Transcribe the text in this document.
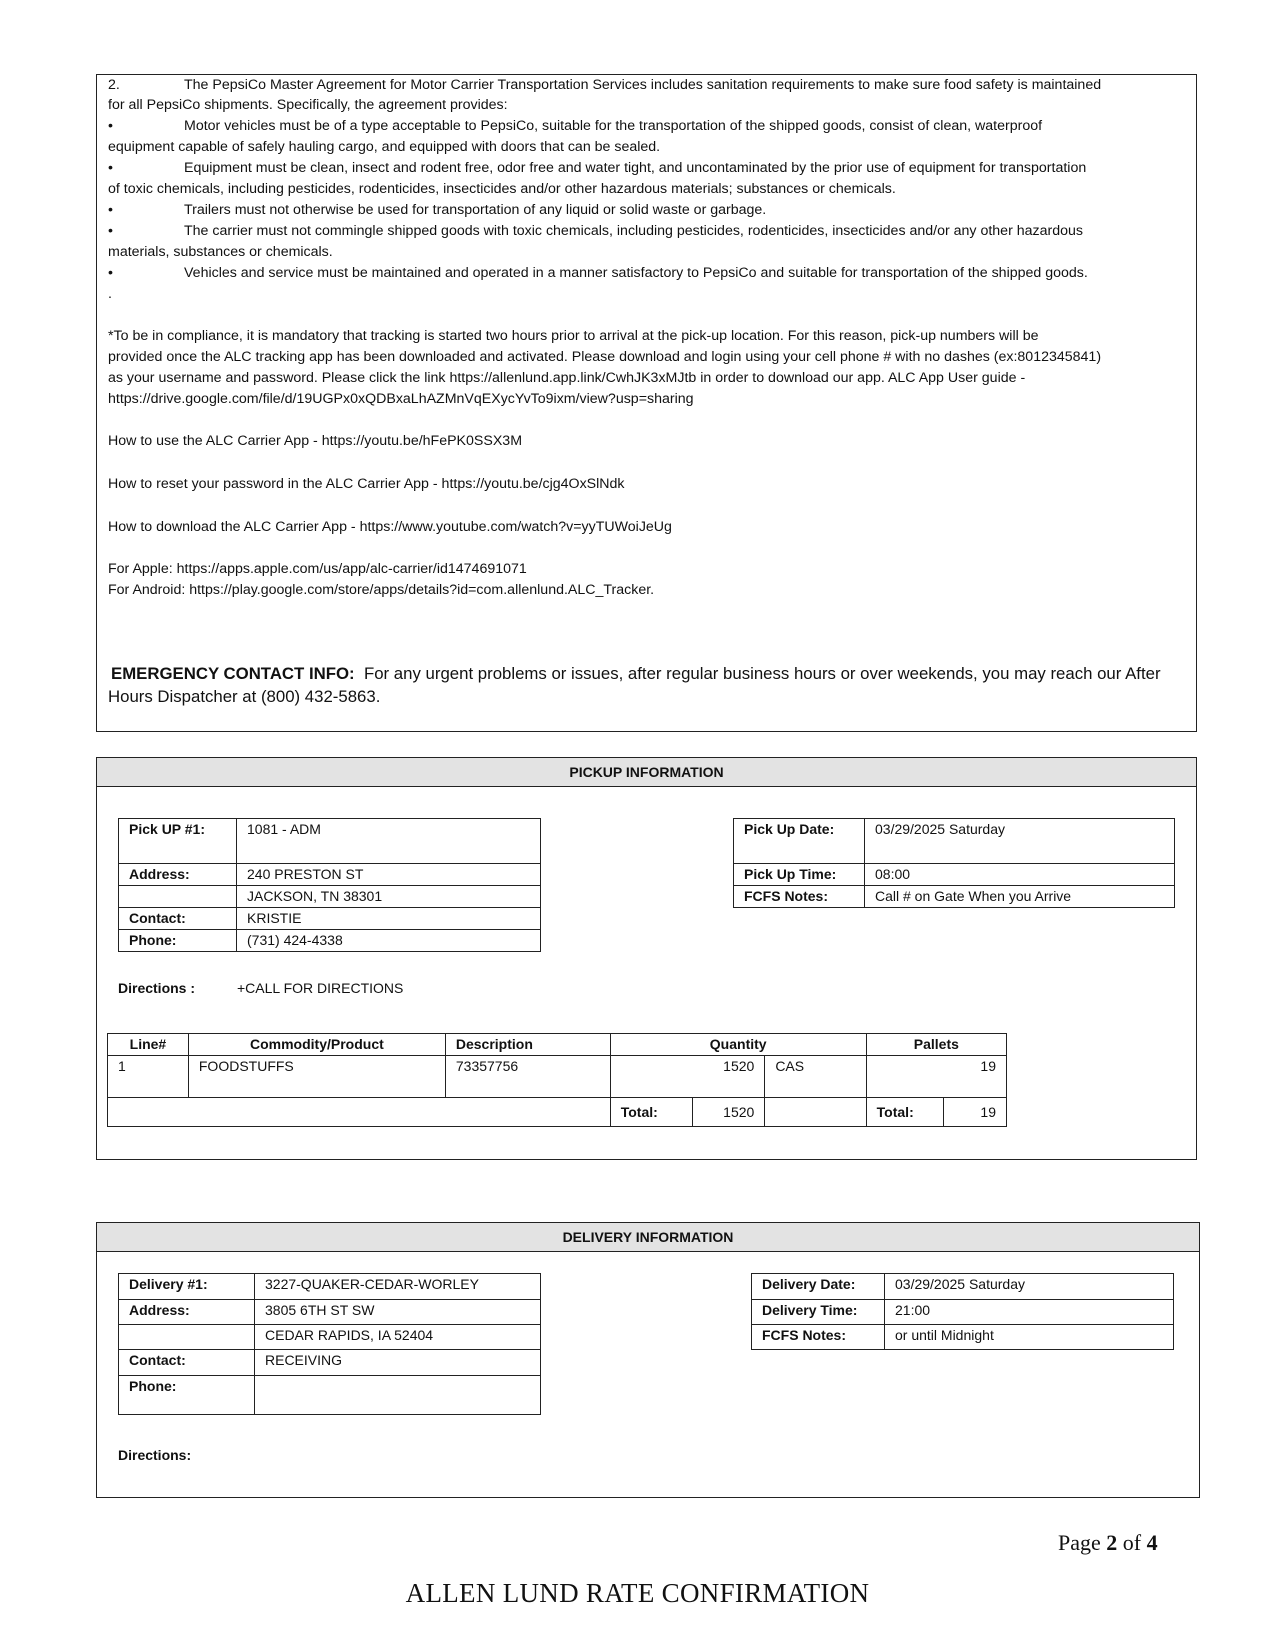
2.	The PepsiCo Master Agreement for Motor Carrier Transportation Services includes sanitation requirements to make sure food safety is maintained
for all PepsiCo shipments. Specifically, the agreement provides:
•	Motor vehicles must be of a type acceptable to PepsiCo, suitable for the transportation of the shipped goods, consist of clean, waterproof
equipment capable of safely hauling cargo, and equipped with doors that can be sealed.
•	Equipment must be clean, insect and rodent free, odor free and water tight, and uncontaminated by the prior use of equipment for transportation
of toxic chemicals, including pesticides, rodenticides, insecticides and/or other hazardous materials; substances or chemicals.
•	Trailers must not otherwise be used for transportation of any liquid or solid waste or garbage.
•	The carrier must not commingle shipped goods with toxic chemicals, including pesticides, rodenticides, insecticides and/or any other hazardous
materials, substances or chemicals.
•	Vehicles and service must be maintained and operated in a manner satisfactory to PepsiCo and suitable for transportation of the shipped goods.
.
*To be in compliance, it is mandatory that tracking is started two hours prior to arrival at the pick-up location. For this reason, pick-up numbers will be
provided once the ALC tracking app has been downloaded and activated. Please download and login using your cell phone # with no dashes (ex:8012345841)
as your username and password. Please click the link https://allenlund.app.link/CwhJK3xMJtb in order to download our app. ALC App User guide -
https://drive.google.com/file/d/19UGPx0xQDBxaLhAZMnVqEXycYvTo9ixm/view?usp=sharing
How to use the ALC Carrier App - https://youtu.be/hFePK0SSX3M
How to reset your password in the ALC Carrier App - https://youtu.be/cjg4OxSlNdk
How to download the ALC Carrier App - https://www.youtube.com/watch?v=yyTUWoiJeUg
For Apple: https://apps.apple.com/us/app/alc-carrier/id1474691071
For Android: https://play.google.com/store/apps/details?id=com.allenlund.ALC_Tracker.
EMERGENCY CONTACT INFO: For any urgent problems or issues, after regular business hours or over weekends, you may reach our After
Hours Dispatcher at (800) 432-5863.
PICKUP INFORMATION
Pick UP #1:	1081 - ADM
Address:	240 PRESTON ST
	JACKSON, TN 38301
Contact:	KRISTIE
Phone:	(731) 424-4338
Pick Up Date:	03/29/2025 Saturday
Pick Up Time:	08:00
FCFS Notes:	Call # on Gate When you Arrive
Directions :	+CALL FOR DIRECTIONS
Line#	Commodity/Product	Description	Quantity			Pallets	
1	FOODSTUFFS	73357756	1520		CAS	19	
			Total:	1520		Total:	19
DELIVERY INFORMATION
Delivery #1:	3227-QUAKER-CEDAR-WORLEY
Address:	3805 6TH ST SW
	CEDAR RAPIDS, IA 52404
Contact:	RECEIVING
Phone:	
Delivery Date:	03/29/2025 Saturday
Delivery Time:	21:00
FCFS Notes:	or until Midnight
Directions:
Page 2 of 4
ALLEN LUND RATE CONFIRMATION
